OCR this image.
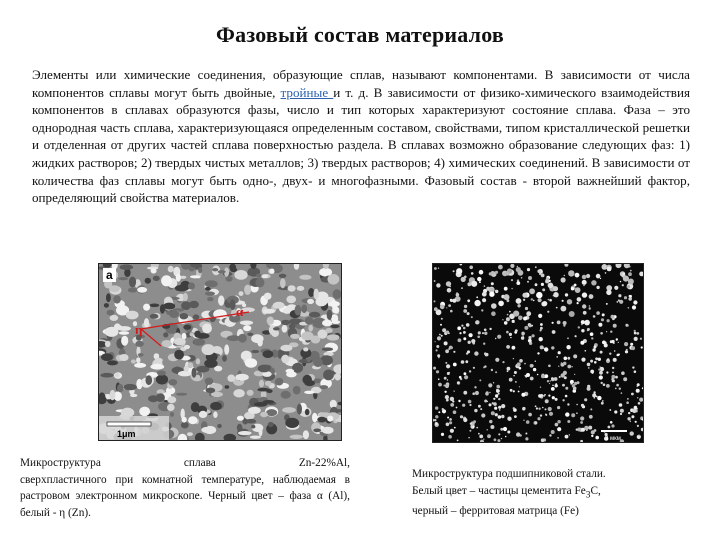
Фазовый состав материалов
Элементы или химические соединения, образующие сплав, называют компонентами. В зависимости от числа компонентов сплавы могут быть двойные, тройные и т. д. В зависимости от физико-химического взаимодействия компонентов в сплавах образуются фазы, число и тип которых характеризуют состояние сплава. Фаза – это однородная часть сплава, характеризующаяся определенным составом, свойствами, типом кристаллической решетки и отделенная от других частей сплава поверхностью раздела. В сплавах возможно образование следующих фаз: 1) жидких растворов; 2) твердых чистых металлов; 3) твердых растворов; 4) химических соединений. В зависимости от количества фаз сплавы могут быть одно-, двух- и многофазными. Фазовый состав - второй важнейший фактор, определяющий свойства материалов.
a
α
η
1μm	3 мкм
Микроструктура	сплава	Zn-22%Al,
сверхпластичного при комнатной температуре, наблюдаемая в растровом электронном микроскопе. Черный цвет – фаза α (Al), белый - η (Zn).
Микроструктура подшипниковой стали.
Белый цвет – частицы цементита $Fe_3C$,
черный – ферритовая матрица (Fe)
